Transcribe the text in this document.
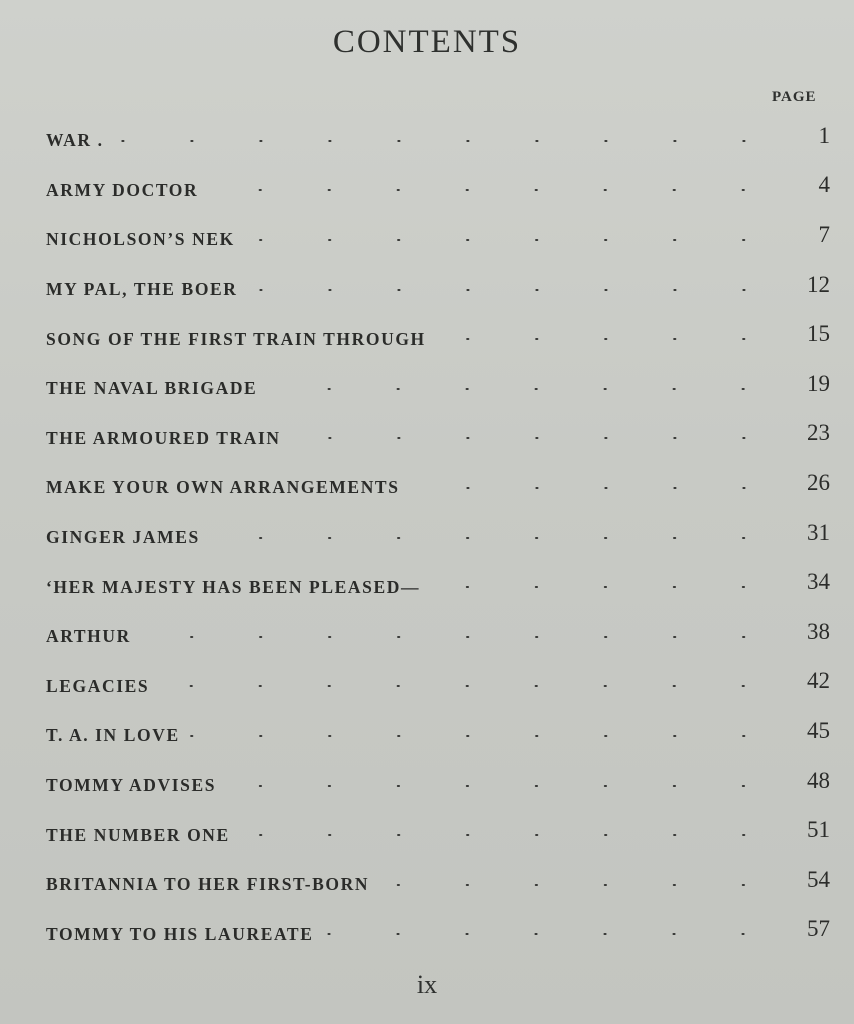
CONTENTS
PAGE
WAR .	1
ARMY DOCTOR	4
NICHOLSON’S NEK	7
MY PAL, THE BOER	12
SONG OF THE FIRST TRAIN THROUGH	15
THE NAVAL BRIGADE	19
THE ARMOURED TRAIN	23
MAKE YOUR OWN ARRANGEMENTS	26
GINGER JAMES	31
‘HER MAJESTY HAS BEEN PLEASED—	34
ARTHUR	38
LEGACIES	42
T. A. IN LOVE	45
TOMMY ADVISES	48
THE NUMBER ONE	51
BRITANNIA TO HER FIRST-BORN	54
TOMMY TO HIS LAUREATE	57
ix
